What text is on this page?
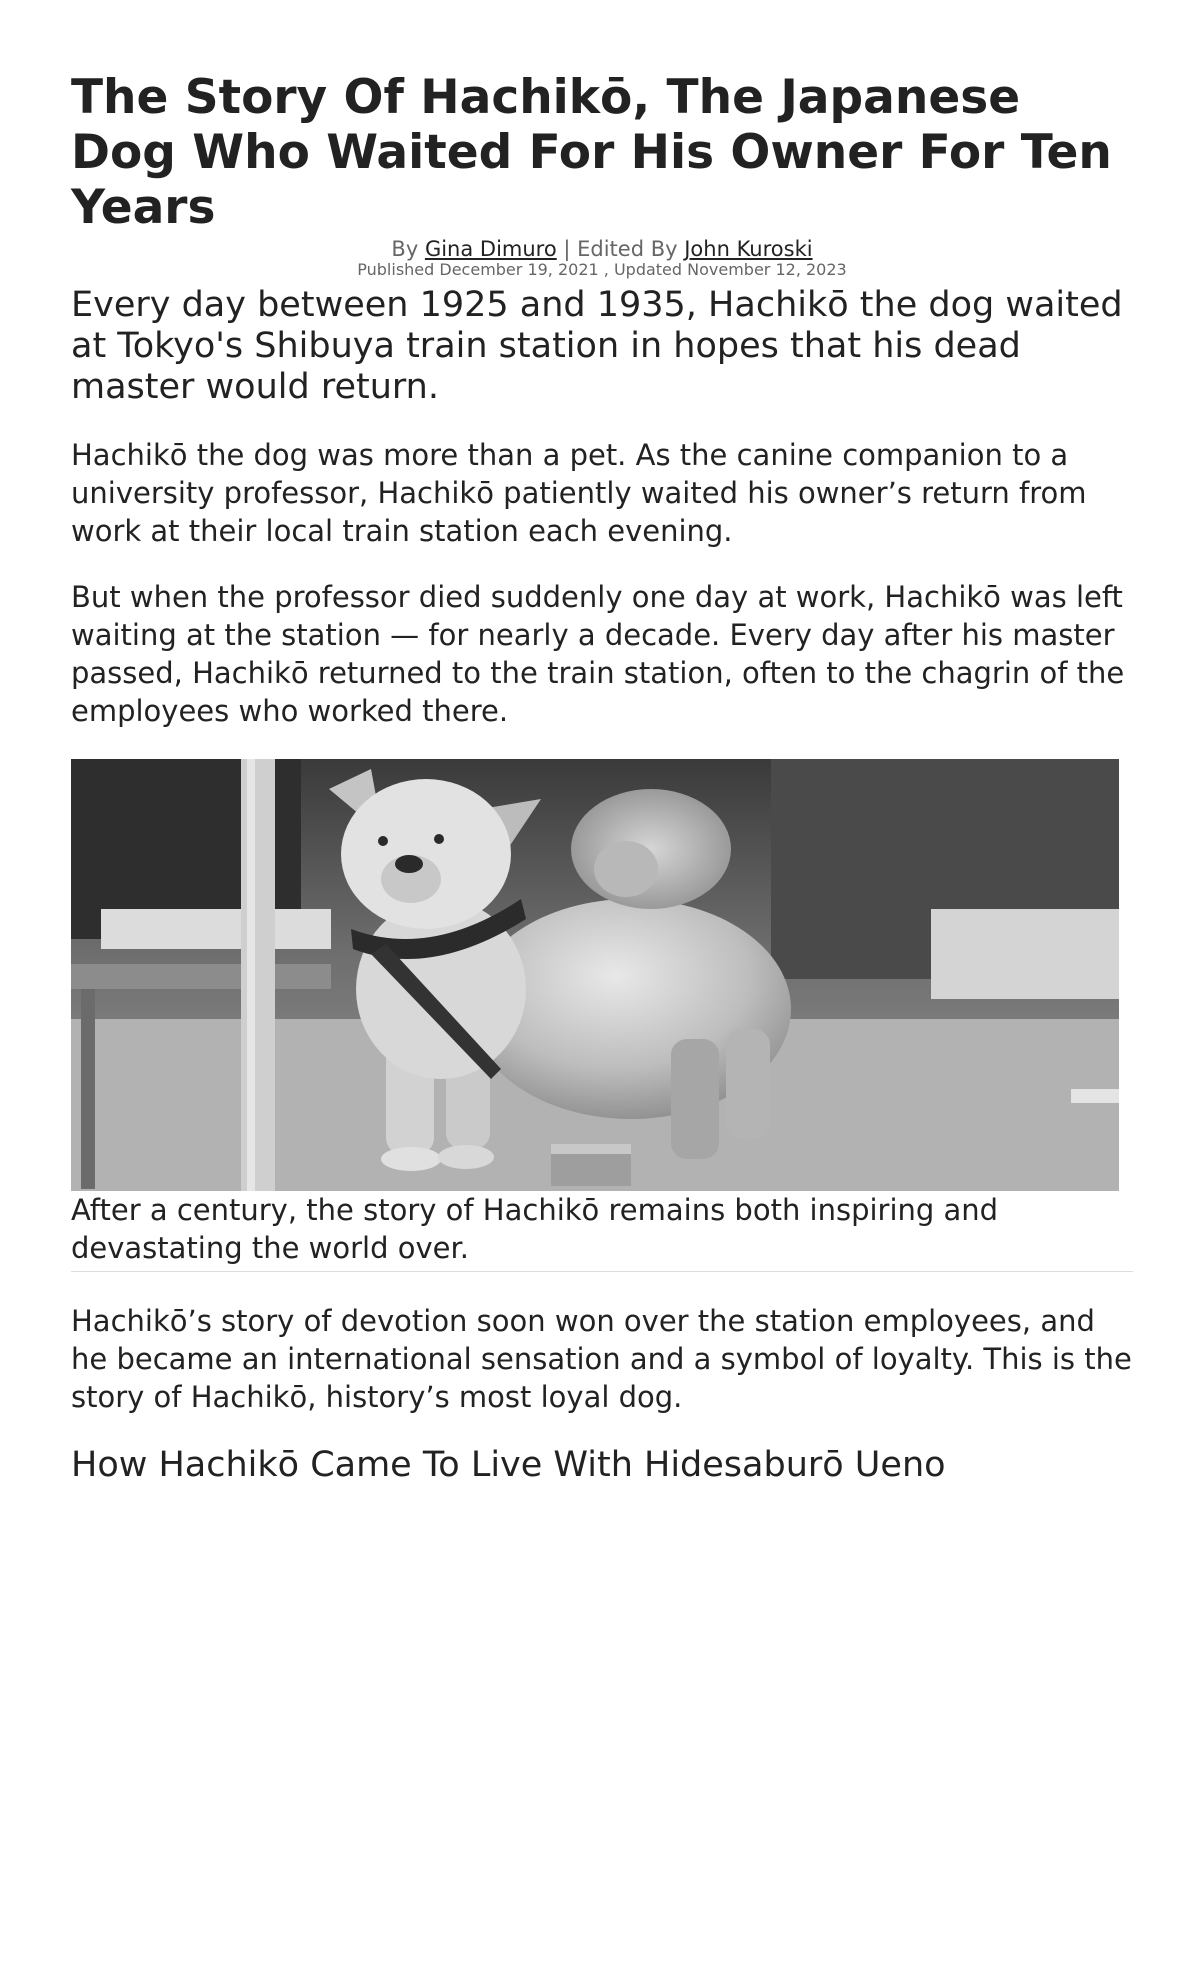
The Story Of Hachikō, The Japanese Dog Who Waited For His Owner For Ten Years
By Gina Dimuro | Edited By John Kuroski
Published December 19, 2021 , Updated November 12, 2023

Every day between 1925 and 1935, Hachikō the dog waited at Tokyo's Shibuya train station in hopes that his dead master would return.

Hachikō the dog was more than a pet. As the canine companion to a university professor, Hachikō patiently waited his owner’s return from work at their local train station each evening.

But when the professor died suddenly one day at work, Hachikō was left waiting at the station — for nearly a decade. Every day after his master passed, Hachikō returned to the train station, often to the chagrin of the employees who worked there.

After a century, the story of Hachikō remains both inspiring and devastating the world over.

Hachikō’s story of devotion soon won over the station employees, and he became an international sensation and a symbol of loyalty. This is the story of Hachikō, history’s most loyal dog.

How Hachikō Came To Live With Hidesaburō Ueno
